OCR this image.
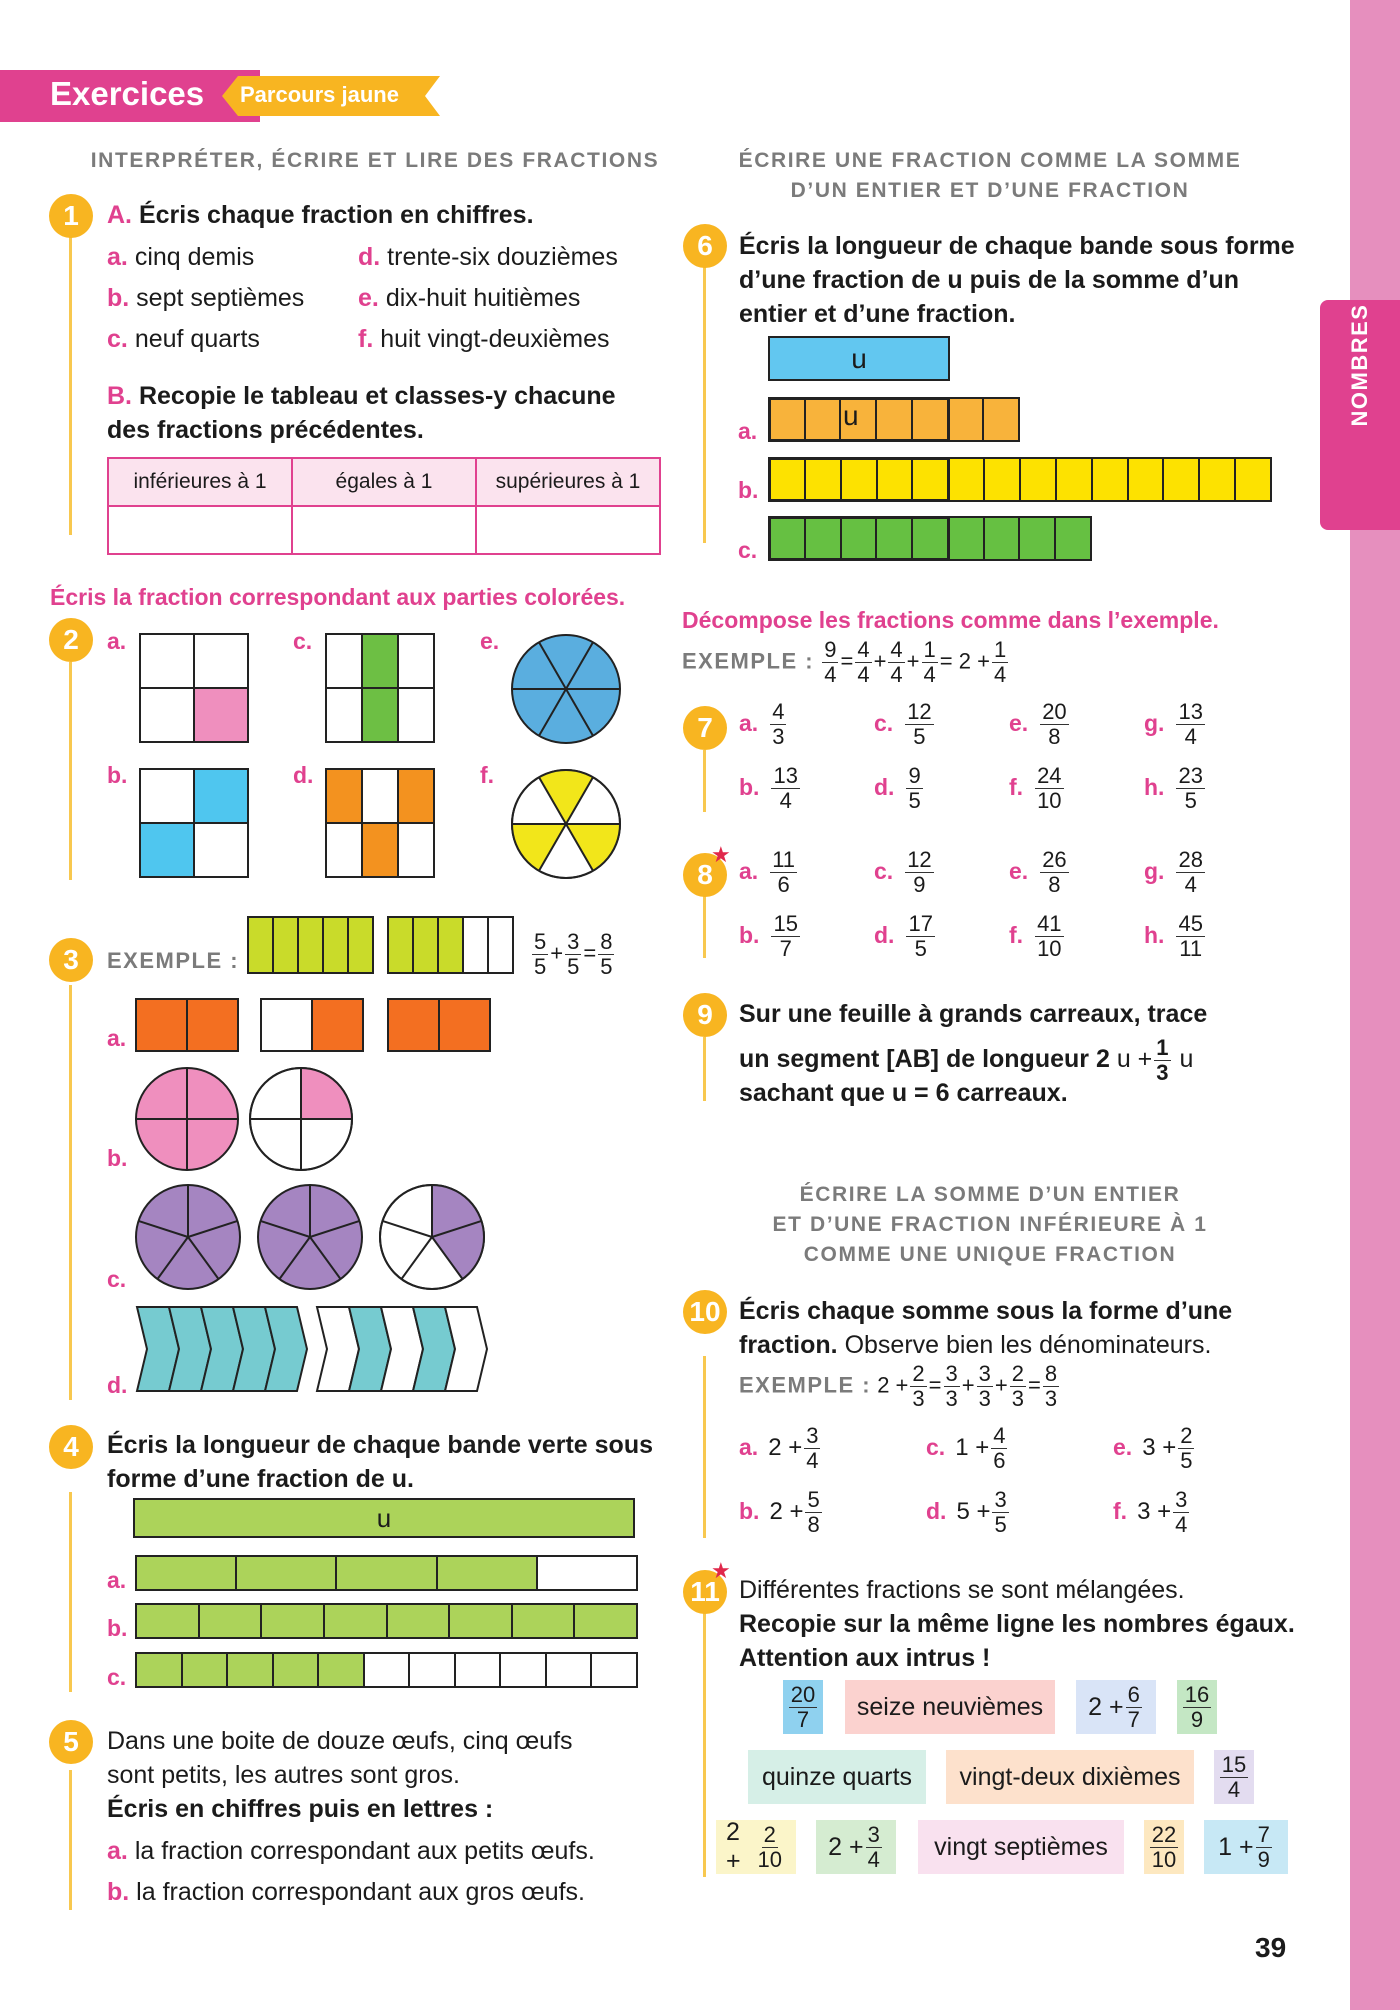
NOMBRES
Exercices Parcours jaune
INTERPRÉTER, ÉCRIRE ET LIRE DES FRACTIONS	ÉCRIRE UNE FRACTION COMME LA SOMME
D’UN ENTIER ET D’UNE FRACTION
ÉCRIRE LA SOMME D’UN ENTIER
ET D’UNE FRACTION INFÉRIEURE À 1
COMME UNE UNIQUE FRACTION
1	A. Écris chaque fraction en chiffres.
a. cinq demis
b. sept septièmes
c. neuf quarts
d. trente-six douzièmes
e. dix-huit huitièmes
f. huit vingt-deuxièmes
B. Recopie le tableau et classes-y chacune
des fractions précédentes.
inférieures à 1	égales à 1	supérieures à 1

Écris la fraction correspondant aux parties colorées.
2	a.
b.
c.
d.
e.
f.
3	EXEMPLE :	$\frac{5}{5} + \frac{3}{5} = \frac{8}{5}$
a.
b.
c.
d.
4	Écris la longueur de chaque bande verte sous
forme d’une fraction de u.
u
a.
b.
c.
5	Dans une boite de douze œufs, cinq œufs
sont petits, les autres sont gros.
Écris en chiffres puis en lettres :
a. la fraction correspondant aux petits œufs.
b. la fraction correspondant aux gros œufs.
6	Écris la longueur de chaque bande sous forme
d’une fraction de u puis de la somme d’un
entier et d’une fraction.
u
a.
b.
c.
u
Décompose les fractions comme dans l’exemple.
EXEMPLE : $\frac{9}{4} = \frac{4}{4} + \frac{4}{4} + \frac{1}{4} = 2 + \frac{1}{4}$
7	a. $\frac{4}{3}$	c. $\frac{12}{5}$	e. $\frac{20}{8}$	g. $\frac{13}{4}$
b. $\frac{13}{4}$	d. $\frac{9}{5}$	f. $\frac{24}{10}$	h. $\frac{23}{5}$
8
★
a. $\frac{11}{6}$	c. $\frac{12}{9}$	e. $\frac{26}{8}$	g. $\frac{28}{4}$
b. $\frac{15}{7}$	d. $\frac{17}{5}$	f. $\frac{41}{10}$	h. $\frac{45}{11}$
9	Sur une feuille à grands carreaux, trace
un segment [AB] de longueur 2 $u + \frac{1}{3}$ u
sachant que u = 6 carreaux.
10 Écris chaque somme sous la forme d’une
fraction. Observe bien les dénominateurs.
EXEMPLE : $2 + \frac{2}{3} = \frac{3}{3} + \frac{3}{3} + \frac{2}{3} = \frac{8}{3}$
a. $2 + \frac{3}{4}$	c. $1 + \frac{4}{6}$	e. $3 + \frac{2}{5}$
b. $2 + \frac{5}{8}$	d. $5 + \frac{3}{5}$	f. $3 + \frac{3}{4}$
11
★
Différentes fractions se sont mélangées.
Recopie sur la même ligne les nombres égaux.
Attention aux intrus !
$\frac{20}{7}$	seize neuvièmes	$2 + \frac{6}{7} \frac{16}{9}$
quinze quarts	vingt-deux dixièmes	$\frac{15}{4}$
$2 + \frac{2}{10}$	$2 + \frac{3}{4}$	vingt septièmes	$\frac{22}{10}$	$1 + \frac{7}{9}$
39
